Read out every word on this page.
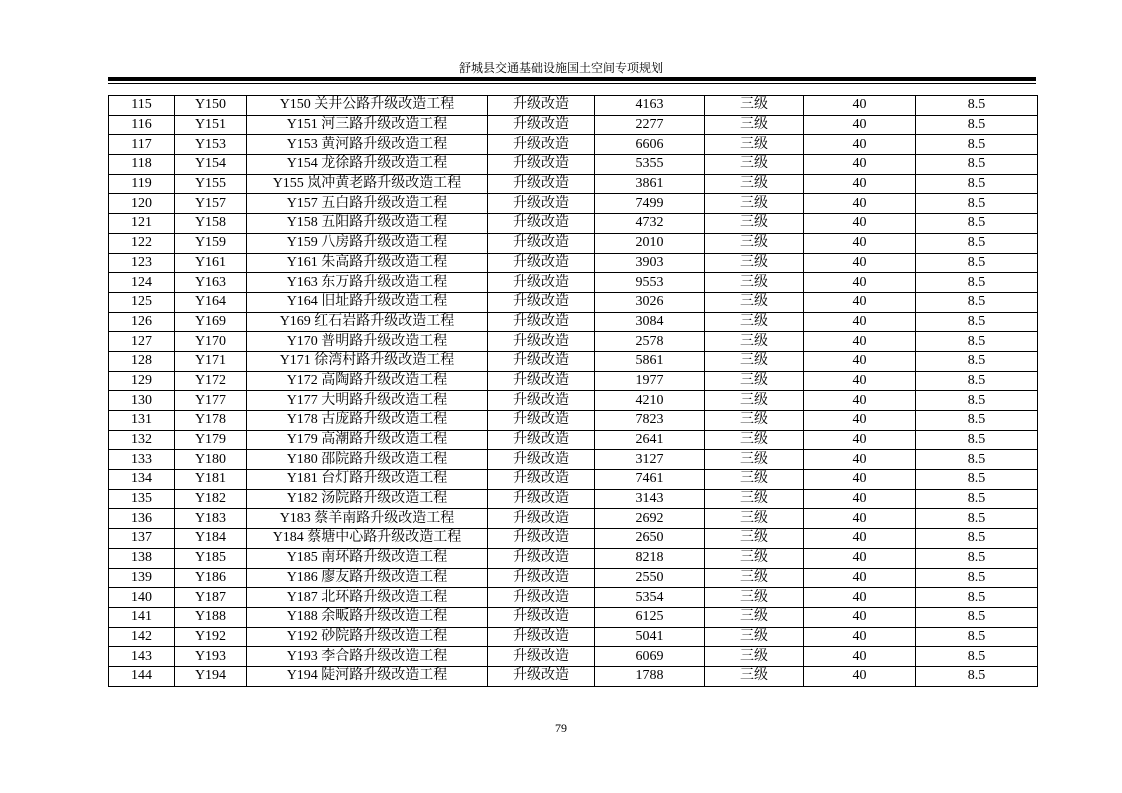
舒城县交通基础设施国土空间专项规划
115	Y150	Y150 关井公路升级改造工程	升级改造	4163	三级	40	8.5
116	Y151	Y151 河三路升级改造工程	升级改造	2277	三级	40	8.5
117	Y153	Y153 黄河路升级改造工程	升级改造	6606	三级	40	8.5
118	Y154	Y154 龙徐路升级改造工程	升级改造	5355	三级	40	8.5
119	Y155	Y155 岚冲黄老路升级改造工程	升级改造	3861	三级	40	8.5
120	Y157	Y157 五白路升级改造工程	升级改造	7499	三级	40	8.5
121	Y158	Y158 五阳路升级改造工程	升级改造	4732	三级	40	8.5
122	Y159	Y159 八房路升级改造工程	升级改造	2010	三级	40	8.5
123	Y161	Y161 朱高路升级改造工程	升级改造	3903	三级	40	8.5
124	Y163	Y163 东万路升级改造工程	升级改造	9553	三级	40	8.5
125	Y164	Y164 旧址路升级改造工程	升级改造	3026	三级	40	8.5
126	Y169	Y169 红石岩路升级改造工程	升级改造	3084	三级	40	8.5
127	Y170	Y170 普明路升级改造工程	升级改造	2578	三级	40	8.5
128	Y171	Y171 徐湾村路升级改造工程	升级改造	5861	三级	40	8.5
129	Y172	Y172 高陶路升级改造工程	升级改造	1977	三级	40	8.5
130	Y177	Y177 大明路升级改造工程	升级改造	4210	三级	40	8.5
131	Y178	Y178 古庞路升级改造工程	升级改造	7823	三级	40	8.5
132	Y179	Y179 高潮路升级改造工程	升级改造	2641	三级	40	8.5
133	Y180	Y180 邵院路升级改造工程	升级改造	3127	三级	40	8.5
134	Y181	Y181 台灯路升级改造工程	升级改造	7461	三级	40	8.5
135	Y182	Y182 汤院路升级改造工程	升级改造	3143	三级	40	8.5
136	Y183	Y183 蔡羊南路升级改造工程	升级改造	2692	三级	40	8.5
137	Y184	Y184 蔡塘中心路升级改造工程	升级改造	2650	三级	40	8.5
138	Y185	Y185 南环路升级改造工程	升级改造	8218	三级	40	8.5
139	Y186	Y186 廖友路升级改造工程	升级改造	2550	三级	40	8.5
140	Y187	Y187 北环路升级改造工程	升级改造	5354	三级	40	8.5
141	Y188	Y188 余畈路升级改造工程	升级改造	6125	三级	40	8.5
142	Y192	Y192 砂院路升级改造工程	升级改造	5041	三级	40	8.5
143	Y193	Y193 李合路升级改造工程	升级改造	6069	三级	40	8.5
144	Y194	Y194 陡河路升级改造工程	升级改造	1788	三级	40	8.5
79
